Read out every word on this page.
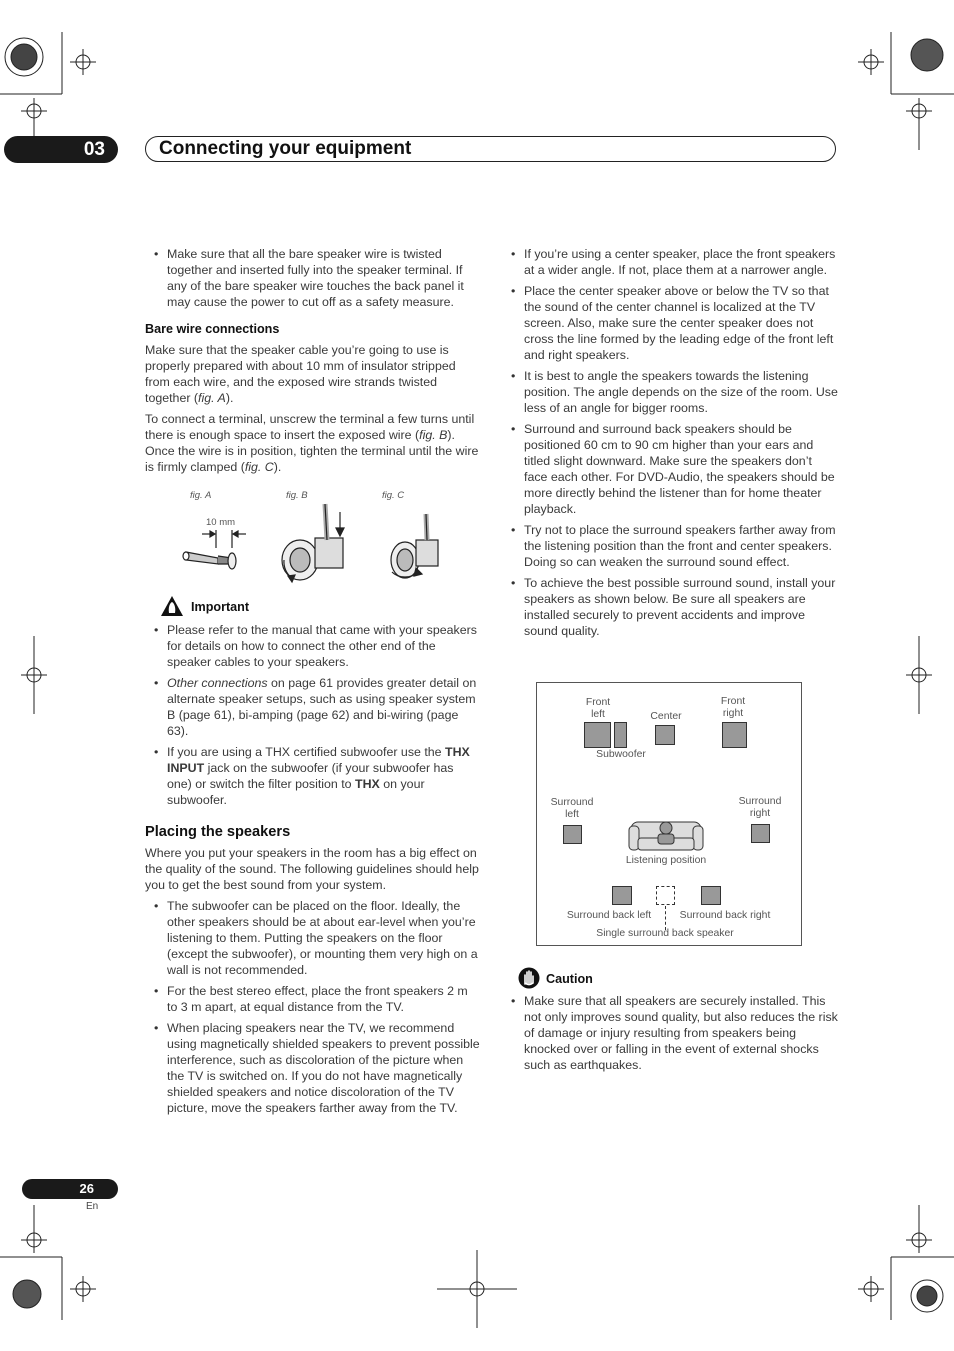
03	Connecting your equipment
• Make sure that all the bare speaker wire is twisted together and inserted fully into the speaker terminal. If any of the bare speaker wire touches the back panel it may cause the power to cut off as a safety measure.

Bare wire connections

Make sure that the speaker cable you’re going to use is properly prepared with about 10 mm of insulator stripped from each wire, and the exposed wire strands twisted together (fig. A).

To connect a terminal, unscrew the terminal a few turns until there is enough space to insert the exposed wire (fig. B). Once the wire is in position, tighten the terminal until the wire is firmly clamped (fig. C).

fig. A	fig. B	fig. C
10 mm
Important
• Please refer to the manual that came with your speakers for details on how to connect the other end of the speaker cables to your speakers.
• Other connections on page 61 provides greater detail on alternate speaker setups, such as using speaker system B (page 61), bi-amping (page 62) and bi-wiring (page 63).
• If you are using a THX certified subwoofer use the THX INPUT jack on the subwoofer (if your subwoofer has one) or switch the filter position to THX on your subwoofer.

Placing the speakers

Where you put your speakers in the room has a big effect on the quality of the sound. The following guidelines should help you to get the best sound from your system.

• The subwoofer can be placed on the floor. Ideally, the other speakers should be at about ear-level when you’re listening to them. Putting the speakers on the floor (except the subwoofer), or mounting them very high on a wall is not recommended.
• For the best stereo effect, place the front speakers 2 m to 3 m apart, at equal distance from the TV.
• When placing speakers near the TV, we recommend using magnetically shielded speakers to prevent possible interference, such as discoloration of the picture when the TV is switched on. If you do not have magnetically shielded speakers and notice discoloration of the TV picture, move the speakers farther away from the TV.
• If you’re using a center speaker, place the front speakers at a wider angle. If not, place them at a narrower angle.
• Place the center speaker above or below the TV so that the sound of the center channel is localized at the TV screen. Also, make sure the center speaker does not cross the line formed by the leading edge of the front left and right speakers.
• It is best to angle the speakers towards the listening position. The angle depends on the size of the room. Use less of an angle for bigger rooms.
• Surround and surround back speakers should be positioned 60 cm to 90 cm higher than your ears and titled slight downward. Make sure the speakers don’t face each other. For DVD-Audio, the speakers should be more directly behind the listener than for home theater playback.
• Try not to place the surround speakers farther away from the listening position than the front and center speakers. Doing so can weaken the surround sound effect.
• To achieve the best possible surround sound, install your speakers as shown below. Be sure all speakers are installed securely to prevent accidents and improve sound quality.
Front left	Center
Front right
Subwoofer
Surround left
Surround right
Listening position
Surround back left	Surround back right
Single surround back speaker
Caution
• Make sure that all speakers are securely installed. This not only improves sound quality, but also reduces the risk of damage or injury resulting from speakers being knocked over or falling in the event of external shocks such as earthquakes.
26
En
